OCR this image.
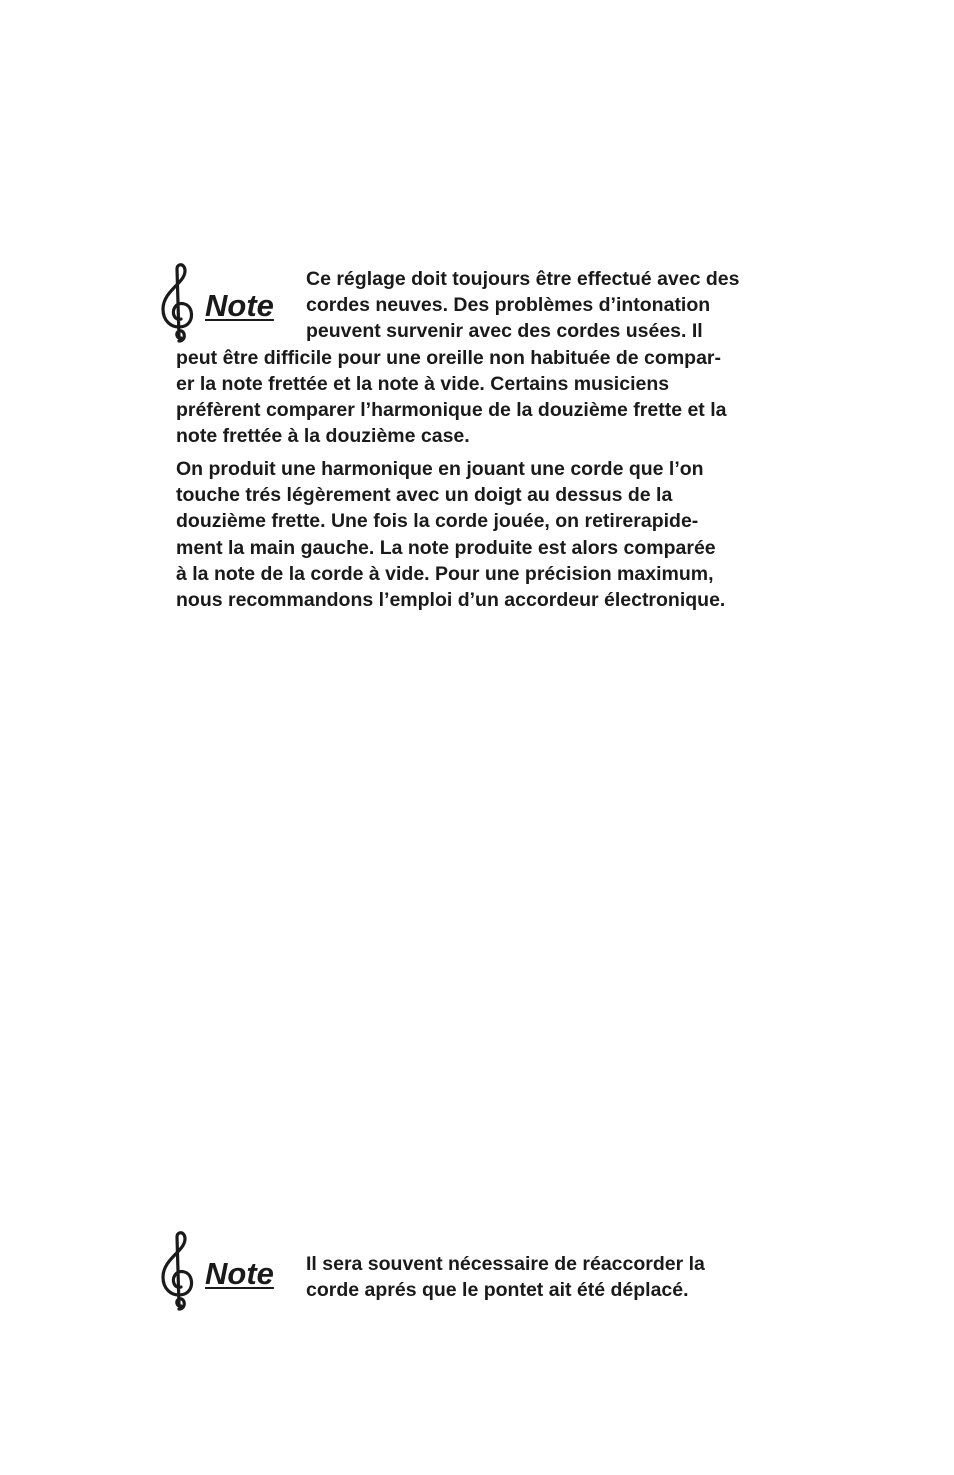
Note
Ce réglage doit toujours être effectué avec des
cordes neuves. Des problèmes d’intonation
peuvent survenir avec des cordes usées. Il
peut être difficile pour une oreille non habituée de compar-
er la note frettée et la note à vide. Certains musiciens
préfèrent comparer l’harmonique de la douzième frette et la
note frettée à la douzième case.
On produit une harmonique en jouant une corde que l’on
touche trés légèrement avec un doigt au dessus de la
douzième frette. Une fois la corde jouée, on retirerapide-
ment la main gauche. La note produite est alors comparée
à la note de la corde à vide. Pour une précision maximum,
nous recommandons l’emploi d’un accordeur électronique.
Note Il sera souvent nécessaire de réaccorder la
corde aprés que le pontet ait été déplacé.
